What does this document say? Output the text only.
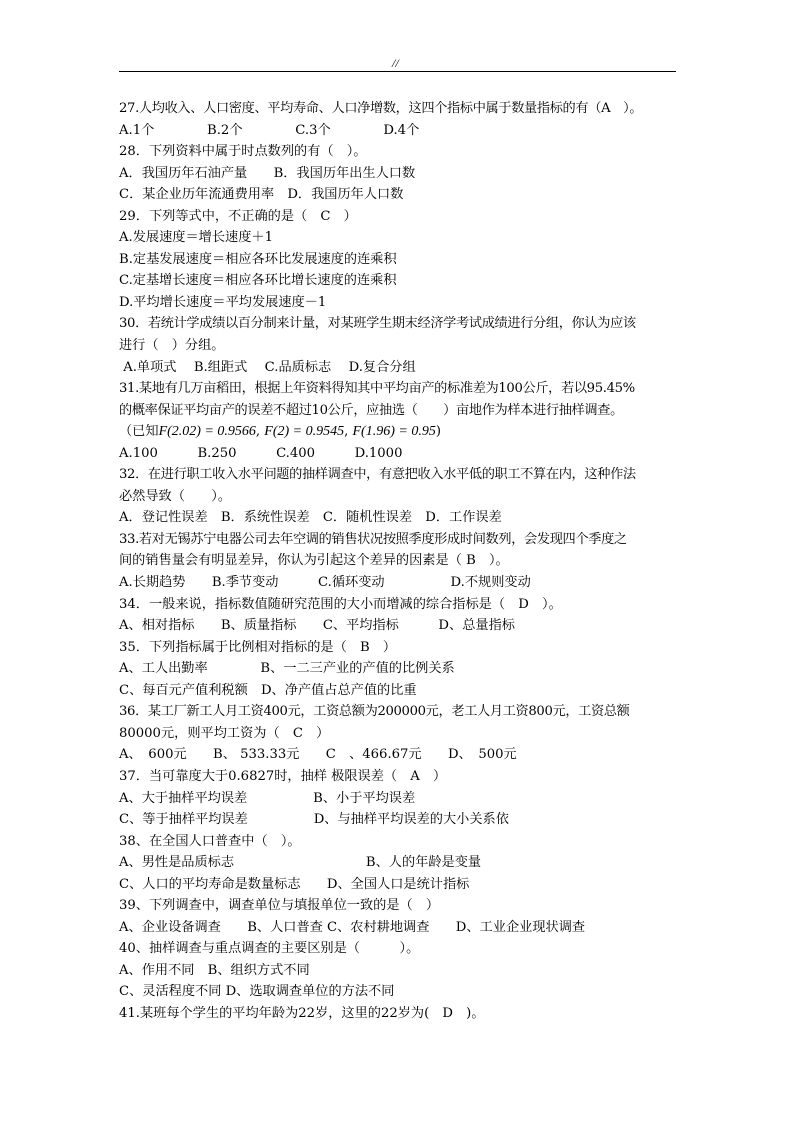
//
27.人均收入、人口密度、平均寿命、人口净增数，这四个指标中属于数量指标的有（A　）。
A.1个　　　　B.2个　　　　C.3个　　　　D.4个
28．下列资料中属于时点数列的有（　）。
A．我国历年石油产量　　B．我国历年出生人口数
C．某企业历年流通费用率　D．我国历年人口数
29．下列等式中，不正确的是（　C　）
A.发展速度＝增长速度＋1
B.定基发展速度＝相应各环比发展速度的连乘积
C.定基增长速度＝相应各环比增长速度的连乘积
D.平均增长速度＝平均发展速度－1
30．若统计学成绩以百分制来计量，对某班学生期末经济学考试成绩进行分组，你认为应该
进行（　）分组。
A.单项式　 B.组距式　 C.品质标志　 D.复合分组
31.某地有几万亩稻田，根据上年资料得知其中平均亩产的标准差为100公斤，若以95.45%
的概率保证平均亩产的误差不超过10公斤，应抽选（　　）亩地作为样本进行抽样调查。
（已知F(2.02) = 0.9566, F(2) = 0.9545, F(1.96) = 0.95)
A.100　　　B.250　　　C.400　　　D.1000
32．在进行职工收入水平问题的抽样调查中，有意把收入水平低的职工不算在内，这种作法
必然导致（　　）。
A．登记性误差　B．系统性误差　C．随机性误差　D．工作误差
33.若对无锡苏宁电器公司去年空调的销售状况按照季度形成时间数列，会发现四个季度之
间的销售量会有明显差异，你认为引起这个差异的因素是（ B　）。
A.长期趋势　　B.季节变动　　　C.循环变动　　　　　D.不规则变动
34．一般来说，指标数值随研究范围的大小而增减的综合指标是（　D　）。
A、相对指标　　B、质量指标　　C、平均指标　　　D、总量指标
35．下列指标属于比例相对指标的是（　B　）
A、工人出勤率　　　　B、一二三产业的产值的比例关系
C、每百元产值利税额　D、净产值占总产值的比重
36．某工厂新工人月工资400元，工资总额为200000元，老工人月工资800元，工资总额
80000元，则平均工资为（　C　）
A、　600元　　B、 533.33元　　C　、466.67元　　D、　500元
37．当可靠度大于0.6827时，抽样 极限误差（　A　）
A、大于抽样平均误差　　　　　B、小于平均误差
C、等于抽样平均误差　　　　　D、与抽样平均误差的大小关系依
38、在全国人口普查中（　）。
A、男性是品质标志　　　　　　　　　　B、人的年龄是变量
C、人口的平均寿命是数量标志　　D、全国人口是统计指标
39、下列调查中，调查单位与填报单位一致的是（　）
A、企业设备调查　　B、人口普查 C、农村耕地调查　　D、工业企业现状调查
40、抽样调查与重点调查的主要区别是（　　　）。
A、作用不同　B、组织方式不同
C、灵活程度不同 D、选取调查单位的方法不同
41.某班每个学生的平均年龄为22岁，这里的22岁为(　D　)。
